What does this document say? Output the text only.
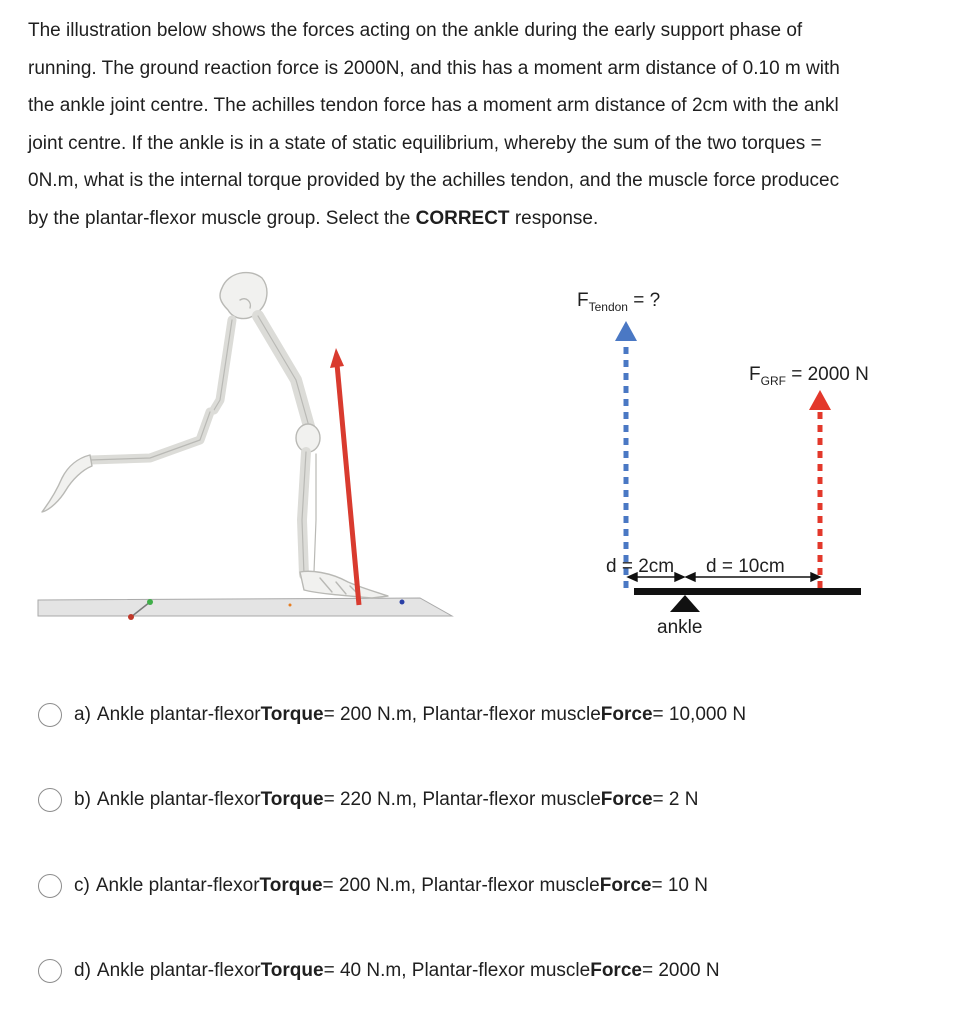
The illustration below shows the forces acting on the ankle during the early support phase of
running. The ground reaction force is 2000N, and this has a moment arm distance of 0.10 m with
the ankle joint centre. The achilles tendon force has a moment arm distance of 2cm with the ankl
joint centre. If the ankle is in a state of static equilibrium, whereby the sum of the two torques =
0N.m, what is the internal torque provided by the achilles tendon, and the muscle force producec
by the plantar-flexor muscle group. Select the CORRECT response.
$F_{Tendon}$ = ?
$F_{GRF} = 2000$ N
d = 2cm d = 10cm
ankle
a) Ankle plantar-flexor Torque = 200 N.m, Plantar-flexor muscle Force = 10,000 N
b) Ankle plantar-flexor Torque = 220 N.m, Plantar-flexor muscle Force = 2 N
c) Ankle plantar-flexor Torque = 200 N.m, Plantar-flexor muscle Force = 10 N
d) Ankle plantar-flexor Torque = 40 N.m, Plantar-flexor muscle Force = 2000 N
